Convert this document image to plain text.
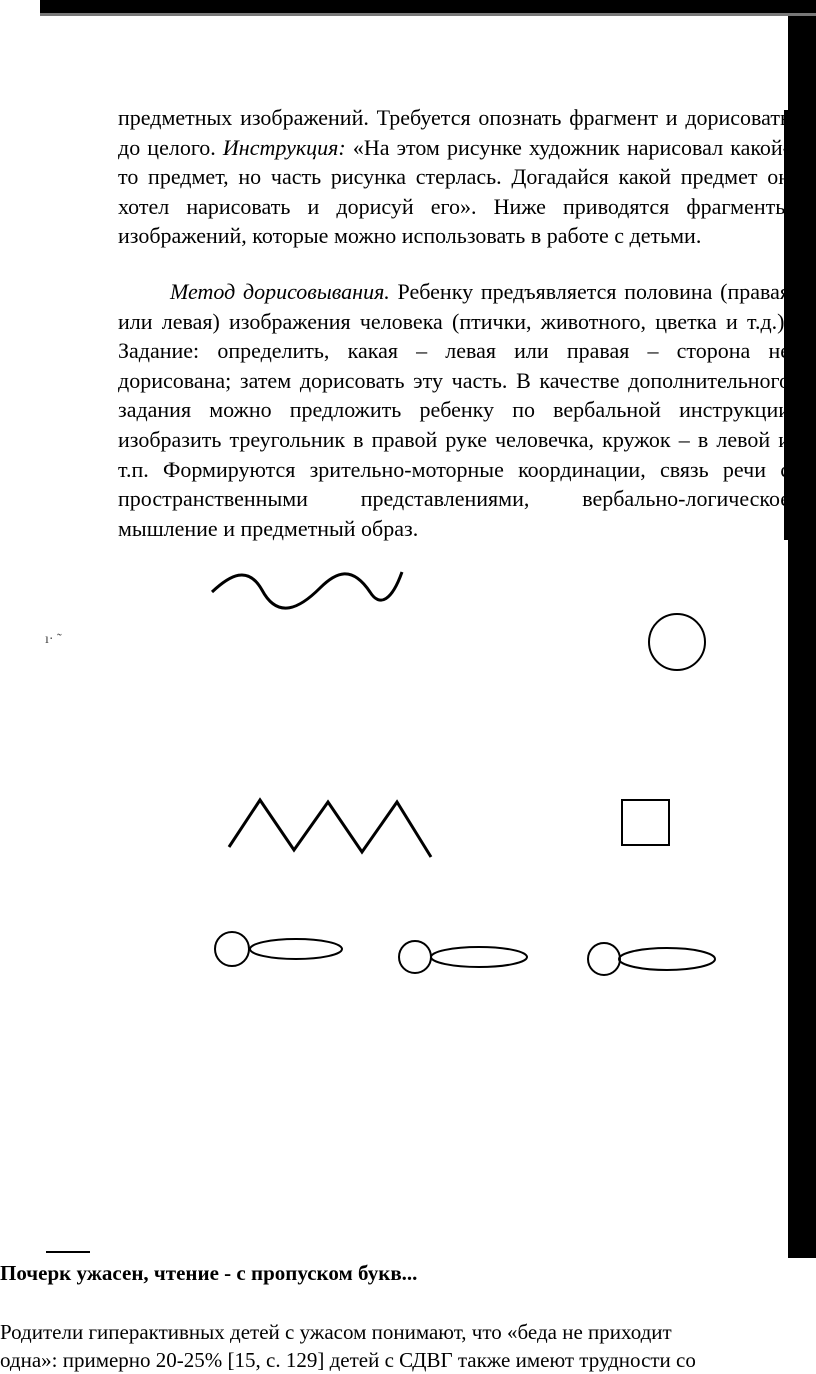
предметных изображений. Требуется опознать фрагмент и дорисовать до целого. Инструкция: «На этом рисунке художник нарисовал какой-то предмет, но часть рисунка стерлась. Догадайся какой предмет он хотел нарисовать и дорисуй его». Ниже приводятся фрагменты изображений, которые можно использовать в работе с детьми.

Метод дорисовывания. Ребенку предъявляется половина (правая или левая) изображения человека (птички, животного, цветка и т.д.). Задание: определить, какая – левая или правая – сторона не дорисована; затем дорисовать эту часть. В качестве дополнительного задания можно предложить ребенку по вербальной инструкции изобразить треугольник в правой руке человечка, кружок – в левой и т.п. Формируются зрительно-моторные координации, связь речи с пространственными представлениями, вербально-логическое мышление и предметный образ.

ı· ˜
Почерк ужасен, чтение - с пропуском букв...

Родители гиперактивных детей с ужасом понимают, что «беда не приходит

одна»: примерно 20-25% [15, с. 129] детей с СДВГ также имеют трудности со
